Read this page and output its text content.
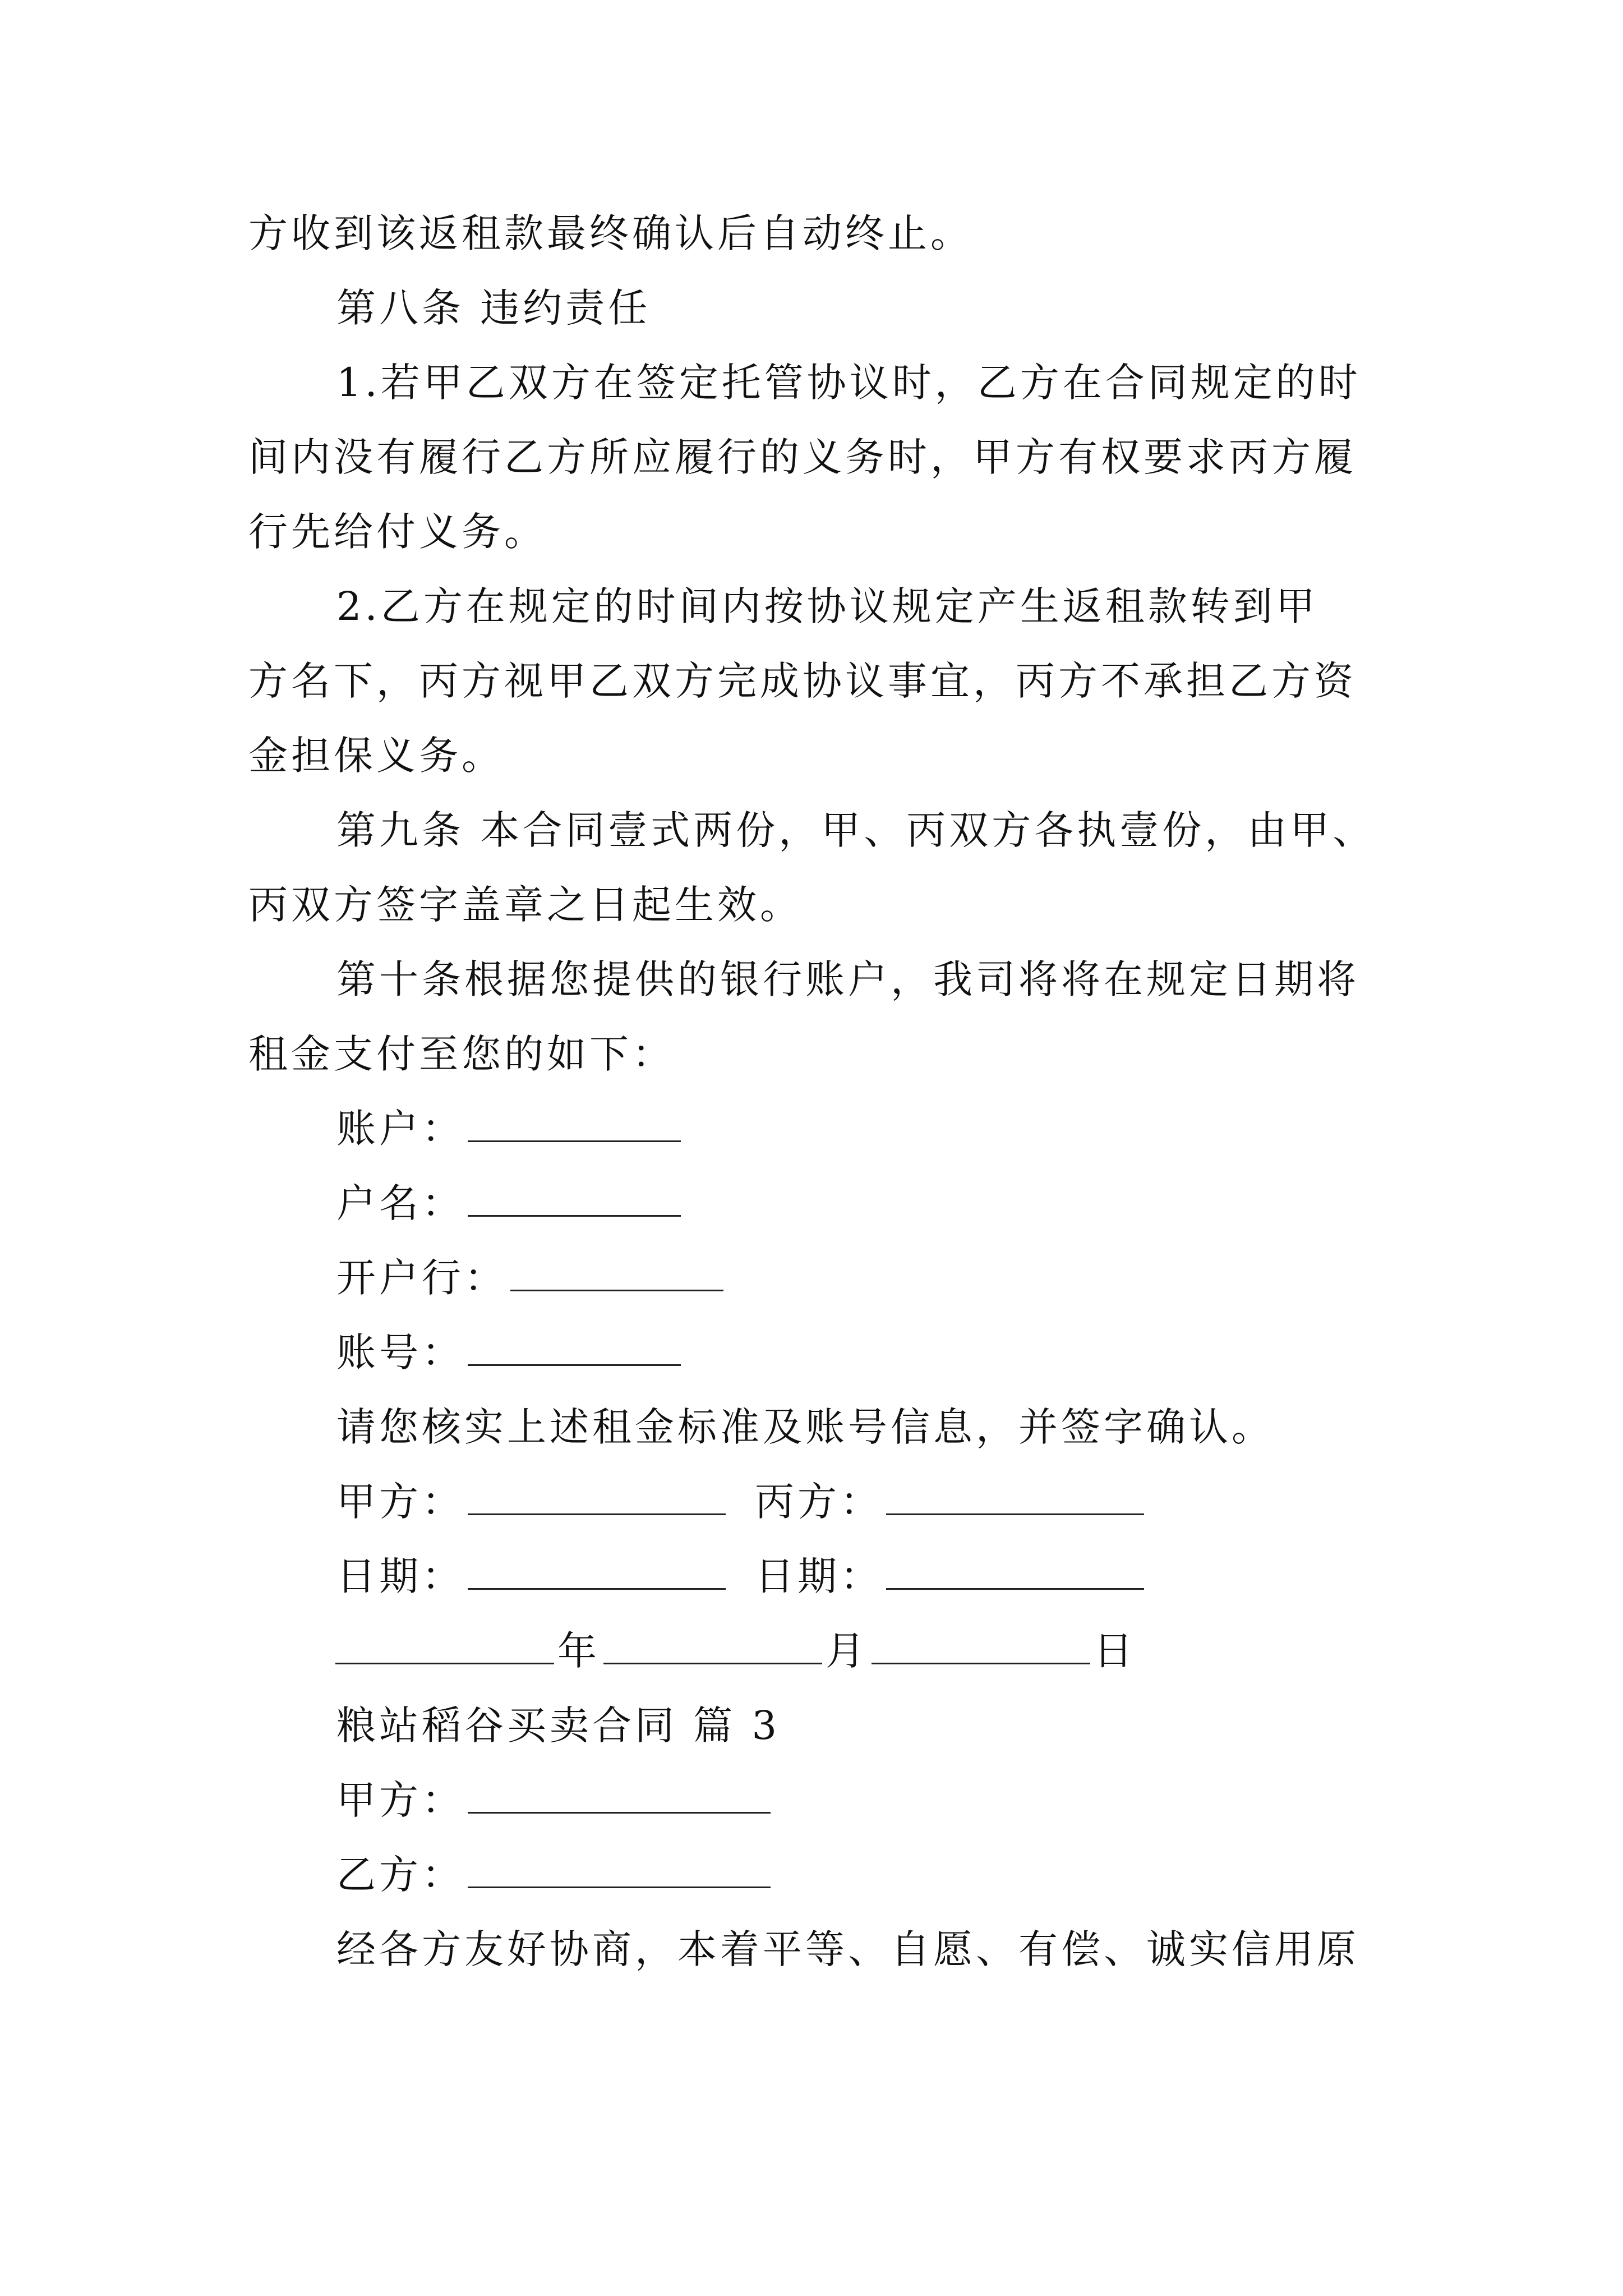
方收到该返租款最终确认后自动终止。
第八条 违约责任
1.若甲乙双方在签定托管协议时，乙方在合同规定的时
间内没有履行乙方所应履行的义务时，甲方有权要求丙方履
行先给付义务。
2.乙方在规定的时间内按协议规定产生返租款转到甲
方名下，丙方视甲乙双方完成协议事宜，丙方不承担乙方资
金担保义务。
第九条 本合同壹式两份，甲、丙双方各执壹份，由甲、
丙双方签字盖章之日起生效。
第十条根据您提供的银行账户，我司将将在规定日期将
租金支付至您的如下：
账户：
户名：
开户行：
账号：
请您核实上述租金标准及账号信息，并签字确认。
甲方：	丙方：
日期：	日期：
年	月	日
粮站稻谷买卖合同 篇 3
甲方：
乙方：
经各方友好协商，本着平等、自愿、有偿、诚实信用原
